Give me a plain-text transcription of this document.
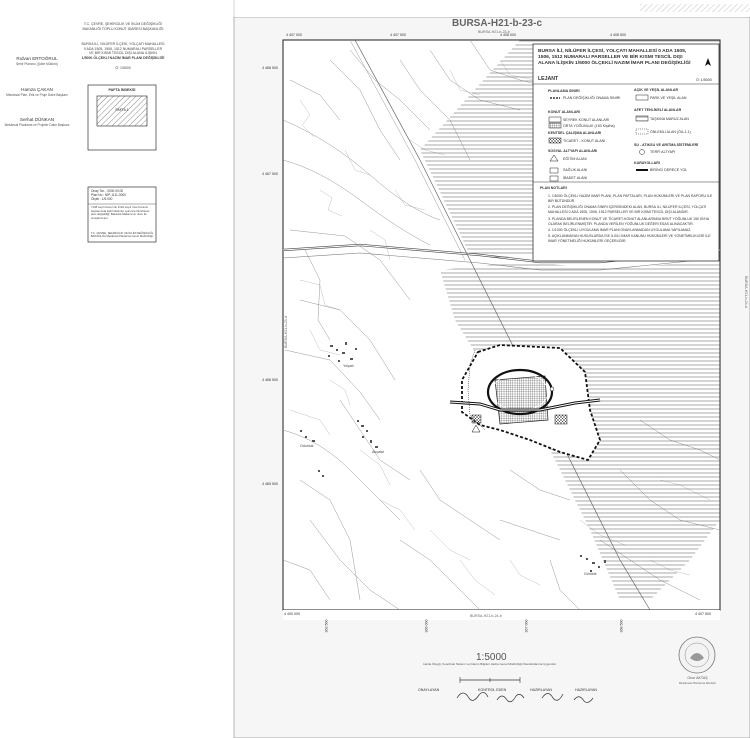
BURSA-H21-b-23-c
BURSA-H21-b-23-b
BURSA-H21-b-24-b
BURSA-H21-b-23-d
BURSA-H21-b-24-d
4 407 000	4 407 500	4 408 000	4 408 500
4 468 500
4 467 500
4 466 500
4 465 500
4 400 000
363 500	366 000	367 000	368 500
4 407 500
Yolçatı
Akçalar
Görükle
Odunluk
BURSA İLİ, NİLÜFER İLÇESİ, YOLÇATI MAHALLESİ 0 ADA 1505,
1506, 1512 NUMARALI PARSELLER VE BİR KISMI TESCİL DIŞI
ALANA İLİŞKİN 1/5000 ÖLÇEKLİ NAZIM İMAR PLANI DEĞİŞİKLİĞİ
LEJANT	Ö: 1/5000
PLANLAMA SINIRI
PLAN DEĞİŞİKLİĞİ ONAMA SINIRI
KONUT ALANLARI
SEYREK KONUT ALANLARI
ORTA YOĞUNLUK (150 Kişi/ha)
KENTSEL ÇALIŞMA ALANLARI
TİCARET - KONUT ALANI
SOSYAL ALTYAPI ALANLARI
EĞİTİM ALANI
SAĞLIK ALANI
İBADET ALANI
AÇIK VE YEŞİL ALANLAR
PARK VE YEŞİL ALAN
AFET TEHLİKELİ ALANLAR
TAŞKINA MARUZ ALAN
ÖNLEMLİ ALAN (ÖA-1.1)
SU - ATIKSU VE ARITMA SİSTEMLERİ
TERFİ ALTYAPI
KARAYOLLARI
BİRİNCİ DERECE YOL
PLAN NOTLARI
1. 1/5000 ÖLÇEKLİ NAZIM İMAR PLANI, PLAN PAFTALARI, PLAN HÜKÜMLERİ VE PLAN RAPORU İLE BİR BÜTÜNDÜR.
2. PLAN DEĞİŞİKLİĞİ ONAMA SINIRI İÇERİSİNDEKİ ALAN, BURSA İLİ, NİLÜFER İLÇESİ, YOLÇATI MAHALLESİ 0 ADA 1505, 1506, 1512 PARSELLER VE BİR KISMI TESCİL DIŞI ALANDIR.
3. PLANDA BELİRLENEN KONUT VE TİCARET-KONUT ALANLARINDA BRÜT YOĞUNLUK 150 Kİ/HA OLARAK BELİRLENMİŞTİR. PLANDA VERİLEN YOĞUNLUK DEĞERİ ESAS ALINACAKTIR.
4. 1/1000 ÖLÇEKLİ UYGULAMA İMAR PLANI ONAYLANMADAN UYGULAMA YAPILAMAZ.
5. AÇIKLANMAYAN HUSUSLARDA İSE İLGİLİ İMAR KANUNU HÜKÜMLERİ VE YÖNETMELİKLERİ İLE İMAR YÖNETMELİĞİ HÜKÜMLERİ GEÇERLİDİR.
T.C. ÇEVRE, ŞEHİRCİLİK VE İKLİM DEĞİŞİKLİĞİ BAKANLIĞI TOPLU KONUT İDARESİ BAŞKANLIĞI
BURSA İLİ, NİLÜFER İLÇESİ, YOLÇATI MAHALLESİ
0 ADA 1505, 1506, 1512 NUMARALI PARSELLER
VE BİR KISMI TESCİL DIŞI ALANA İLİŞKİN
1/5000 ÖLÇEKLİ NAZIM İMAR PLANI DEĞİŞİKLİĞİ
Ö: 1/5000
Rıdvan ERTOĞRUL
Şehir Plancısı (Şube Müdürü)
Hamza ÇAKAN
Mekânsal Plan, Etüt ve Proje Daire Başkanı
Serhat DÜNKAN
Mekânsal Planlama ve Projeler Daire Başkanı
PAFTA İNDEKSİ
PAFTA 1
Onay Tar. : 0000.00.00
Plan No : NİP-1111-0000
Ölçek : 1/5.000
7108 sayılı Kanun ile 3194 sayılı İmar Kanunu kapsamında ilgili hükümler uyarınca hazırlanan plan değişikliği, Bakanlık Makamının oluru ile onaylanmıştır.
T.C. ÇEVRE, ŞEHİRCİLİK VE İKLİM DEĞİŞİKLİĞİ BAKANLIĞI Mekânsal Planlama Genel Müdürlüğü
1:5000
Harita Ölçeği, Koordinat Sistemi ve Datum Bilgileri Harita Genel Müdürlüğü Standartlarına Uygundur.
ONAYLAYAN	KONTROL EDEN	HAZIRLAYAN	HAZIRLAYAN
Onur AKTAŞ
Mekânsal Planlama Müdürü
